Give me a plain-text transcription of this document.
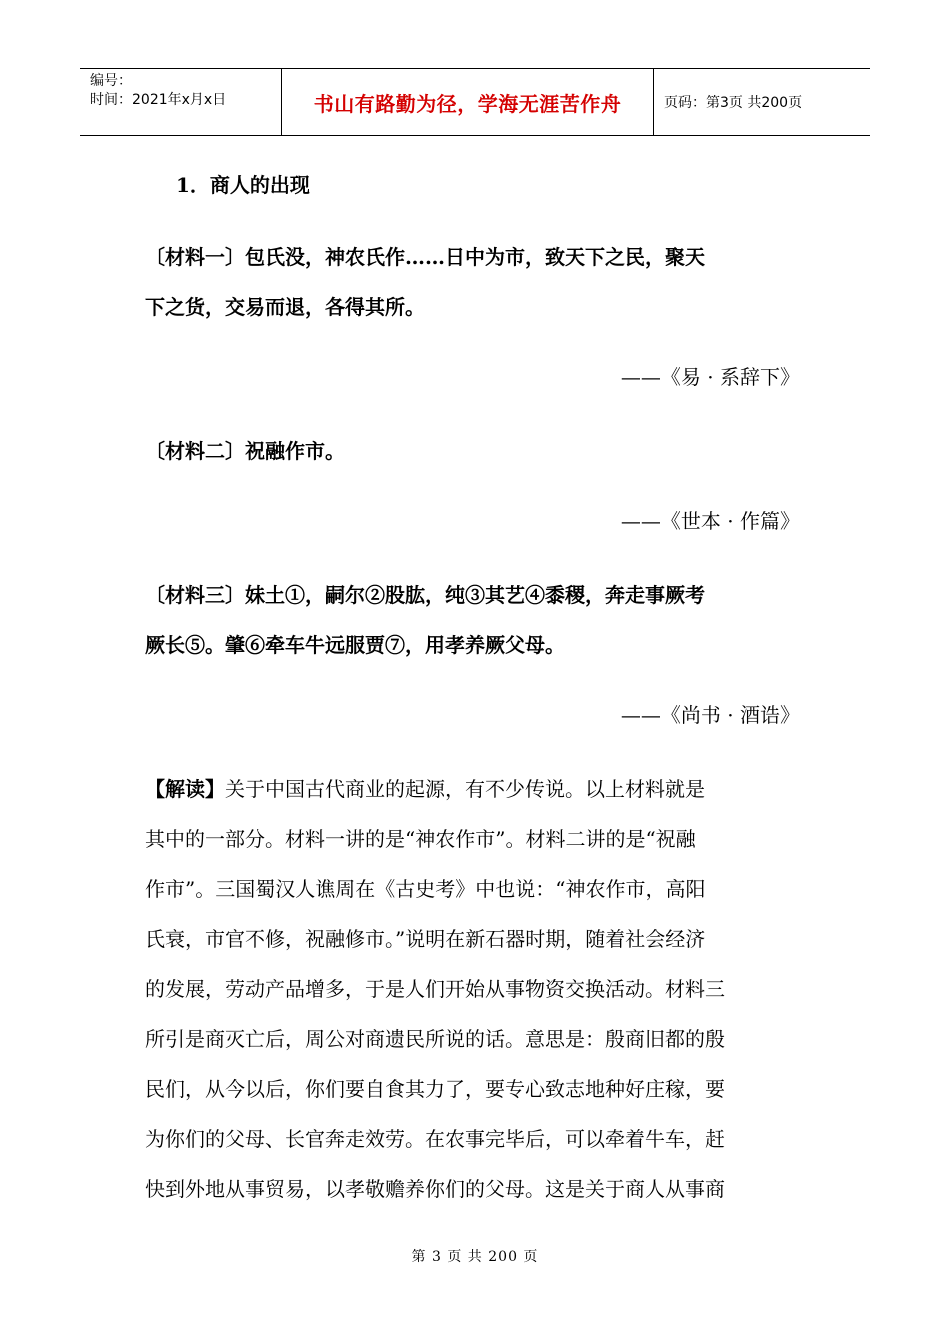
编号：
时间：2021年x月x日	书山有路勤为径，学海无涯苦作舟	页码：第3页 共200页

1．商人的出现

〔材料一〕包氏没，神农氏作……日中为市，致天下之民，聚天

下之货，交易而退，各得其所。

——《易 · 系辞下》

〔材料二〕祝融作市。

——《世本 · 作篇》

〔材料三〕妹土①，嗣尔②股肱，纯③其艺④黍稷，奔走事厥考

厥长⑤。肇⑥牵车牛远服贾⑦，用孝养厥父母。

——《尚书 · 酒诰》

【解读】关于中国古代商业的起源，有不少传说。以上材料就是

其中的一部分。材料一讲的是“神农作市”。材料二讲的是“祝融

作市”。三国蜀汉人谯周在《古史考》中也说：“神农作市，高阳

氏衰，市官不修，祝融修市。”说明在新石器时期，随着社会经济

的发展，劳动产品增多，于是人们开始从事物资交换活动。材料三

所引是商灭亡后，周公对商遗民所说的话。意思是：殷商旧都的殷

民们，从今以后，你们要自食其力了，要专心致志地种好庄稼，要

为你们的父母、长官奔走效劳。在农事完毕后，可以牵着牛车，赶

快到外地从事贸易，以孝敬赡养你们的父母。这是关于商人从事商

第 3 页 共 200 页
